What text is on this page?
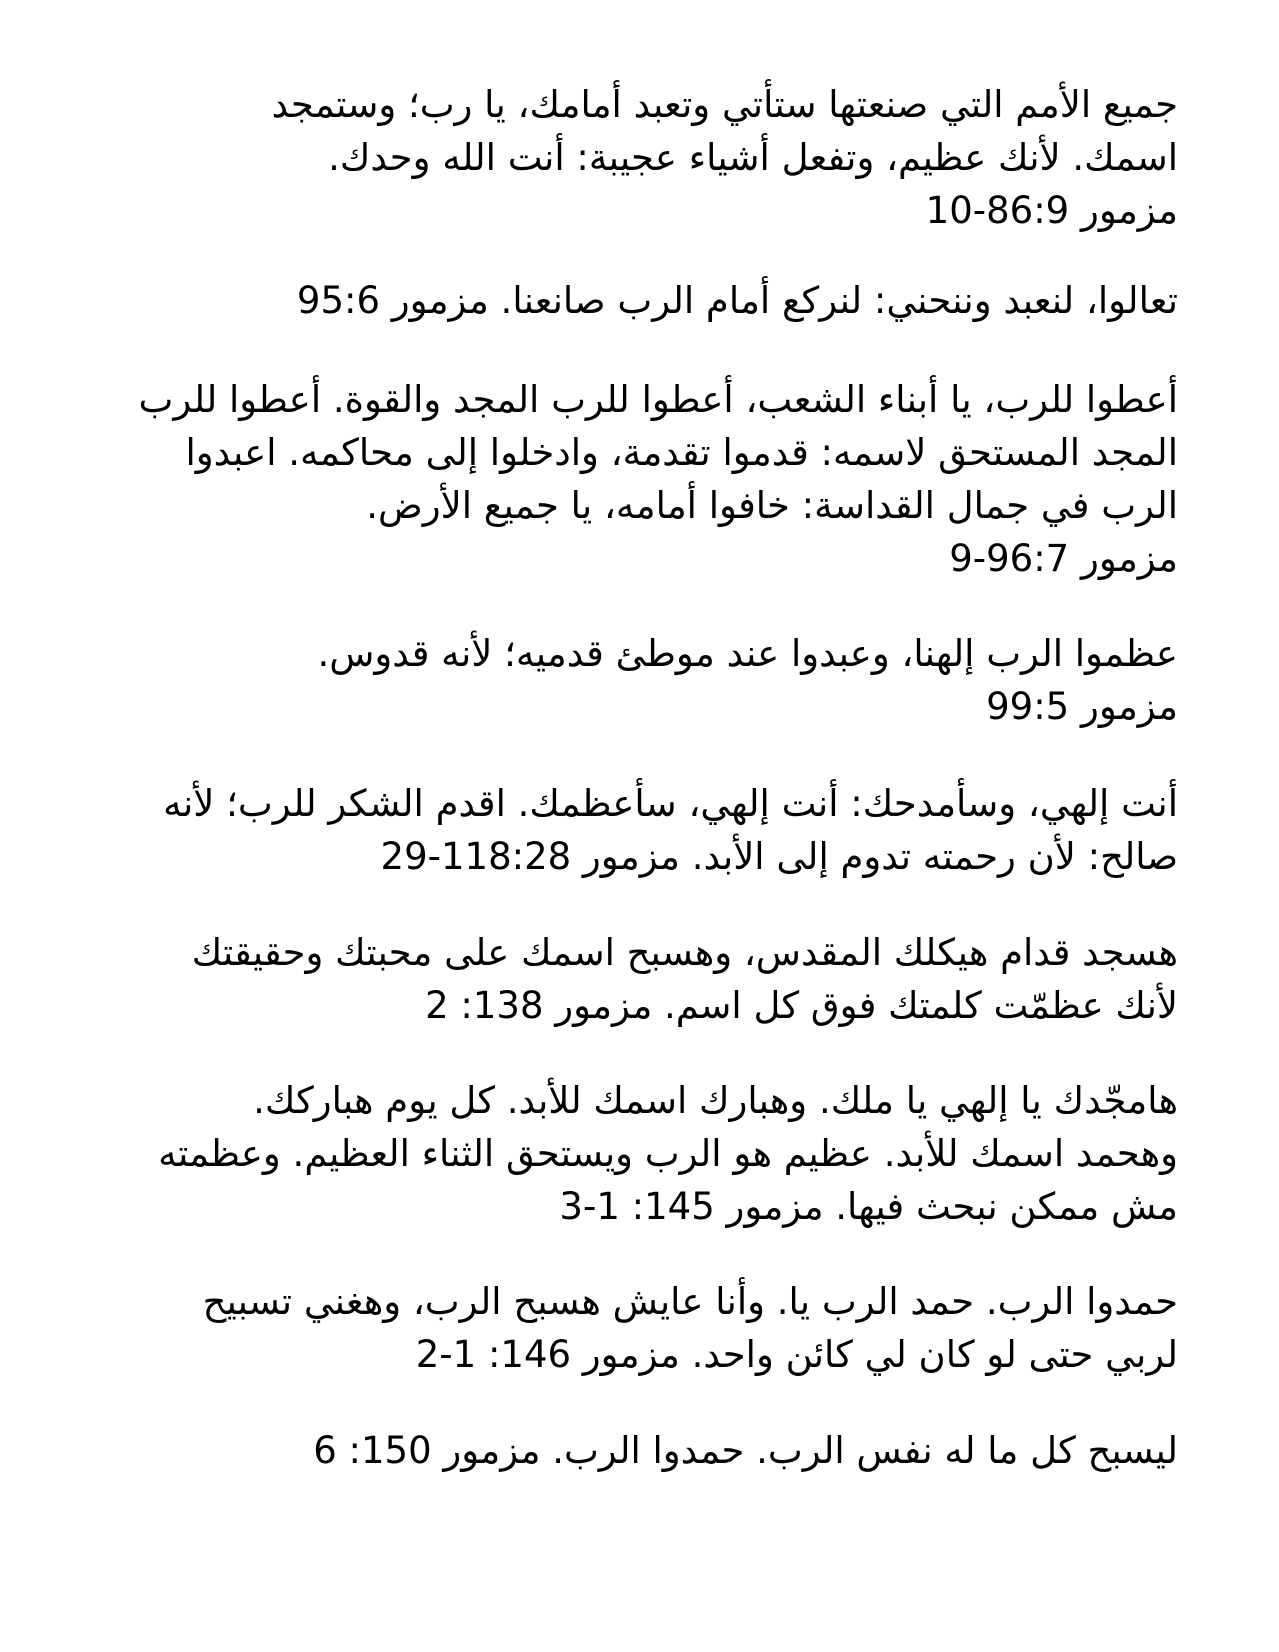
جميع الأمم التي صنعتها ستأتي وتعبد أمامك، يا رب؛ وستمجد
اسمك. لأنك عظيم، وتفعل أشياء عجيبة: أنت الله وحدك.
مزمور 86:9-10

تعالوا، لنعبد وننحني: لنركع أمام الرب صانعنا. مزمور 95:6

أعطوا للرب، يا أبناء الشعب، أعطوا للرب المجد والقوة. أعطوا للرب
المجد المستحق لاسمه: قدموا تقدمة، وادخلوا إلى محاكمه. اعبدوا
الرب في جمال القداسة: خافوا أمامه، يا جميع الأرض.
مزمور 96:7-9

عظموا الرب إلهنا، وعبدوا عند موطئ قدميه؛ لأنه قدوس.
مزمور 99:5

أنت إلهي، وسأمدحك: أنت إلهي، سأعظمك. اقدم الشكر للرب؛ لأنه
صالح: لأن رحمته تدوم إلى الأبد. مزمور 118:28-29

هسجد قدام هيكلك المقدس، وهسبح اسمك على محبتك وحقيقتك
لأنك عظمّت كلمتك فوق كل اسم. مزمور 138: 2

هامجّدك يا إلهي يا ملك. وهبارك اسمك للأبد. كل يوم هباركك.
وهحمد اسمك للأبد. عظيم هو الرب ويستحق الثناء العظيم. وعظمته
مش ممكن نبحث فيها. مزمور 145: 1-3

حمدوا الرب. حمد الرب يا. وأنا عايش هسبح الرب، وهغني تسبيح
لربي حتى لو كان لي كائن واحد. مزمور 146: 1-2

ليسبح كل ما له نفس الرب. حمدوا الرب. مزمور 150: 6
